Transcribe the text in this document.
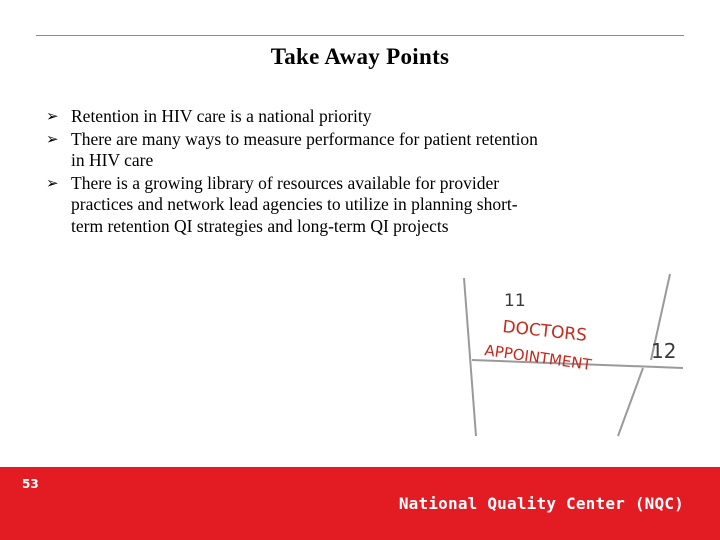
Take Away Points
➢ Retention in HIV care is a national priority
➢ There are many ways to measure performance for patient retention in HIV care
➢ There is a growing library of resources available for provider practices and network lead agencies to utilize in planning short-term retention QI strategies and long-term QI projects
11
12
DOCTORS
APPOINTMENT
53
National Quality Center (NQC)
